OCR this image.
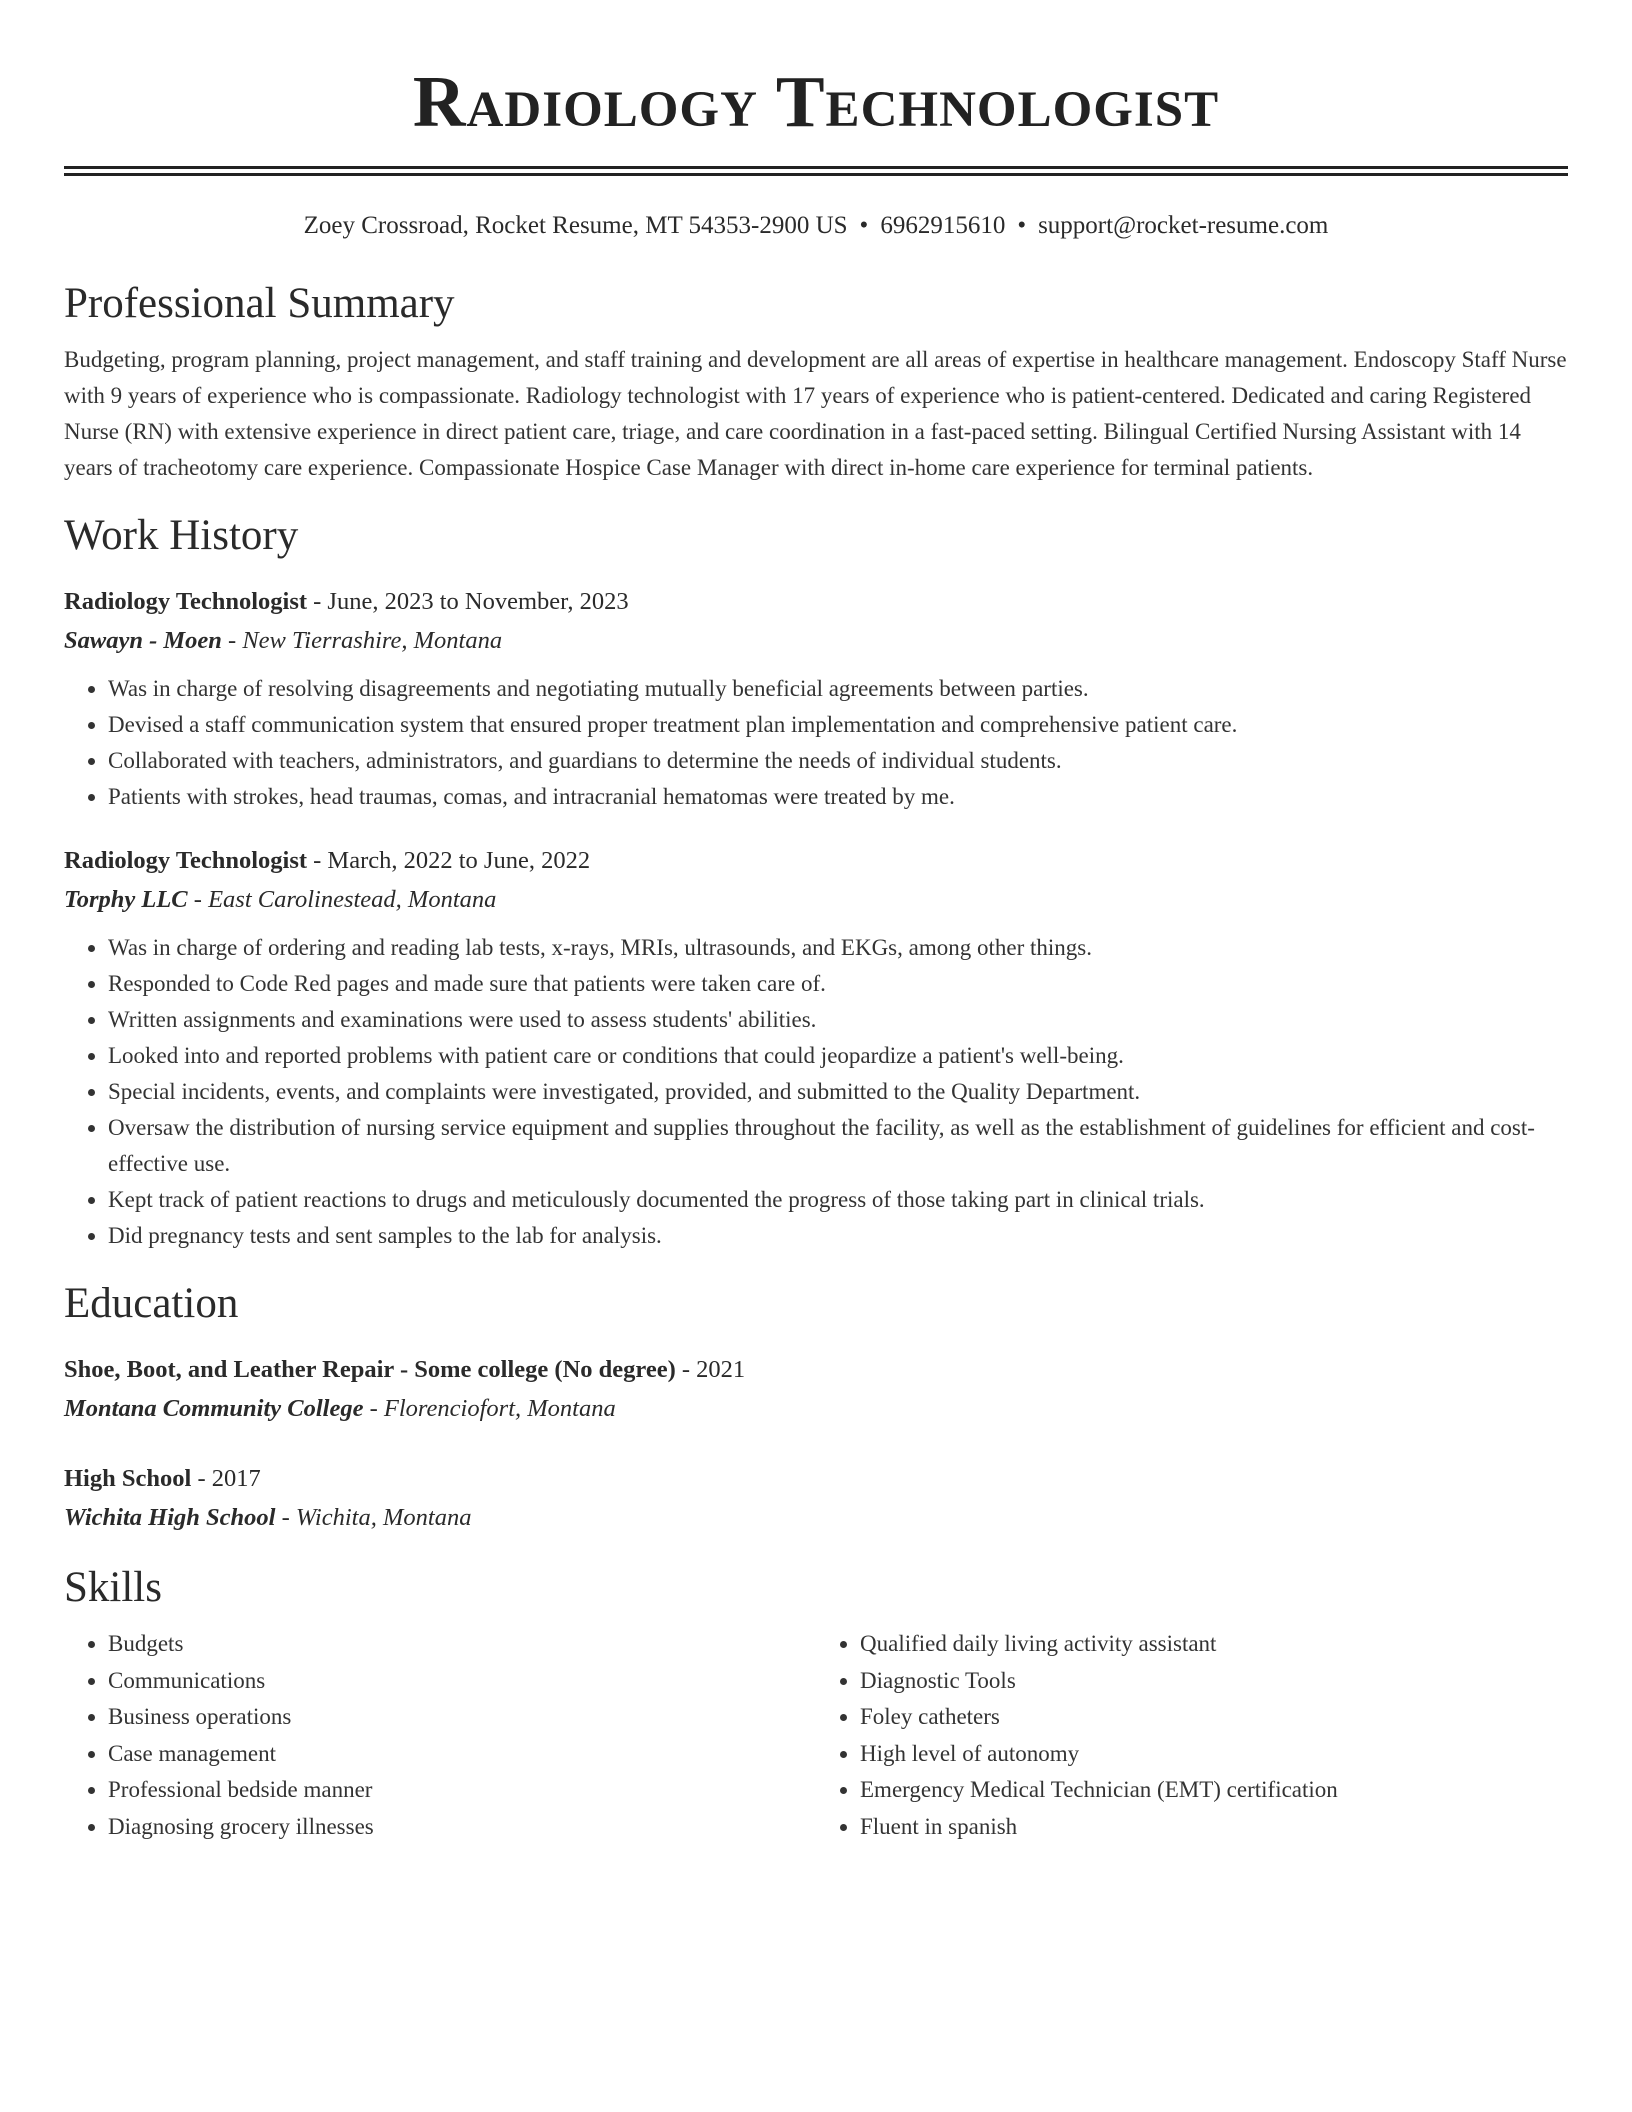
Radiology Technologist
Zoey Crossroad, Rocket Resume, MT 54353-2900 US • 6962915610 • support@rocket-resume.com
Professional Summary
Budgeting, program planning, project management, and staff training and development are all areas of expertise in healthcare management. Endoscopy Staff Nurse with 9 years of experience who is compassionate. Radiology technologist with 17 years of experience who is patient-centered. Dedicated and caring Registered Nurse (RN) with extensive experience in direct patient care, triage, and care coordination in a fast-paced setting. Bilingual Certified Nursing Assistant with 14 years of tracheotomy care experience. Compassionate Hospice Case Manager with direct in-home care experience for terminal patients.
Work History
Radiology Technologist - June, 2023 to November, 2023
Sawayn - Moen - New Tierrashire, Montana
• Was in charge of resolving disagreements and negotiating mutually beneficial agreements between parties.
• Devised a staff communication system that ensured proper treatment plan implementation and comprehensive patient care.
• Collaborated with teachers, administrators, and guardians to determine the needs of individual students.
• Patients with strokes, head traumas, comas, and intracranial hematomas were treated by me.
Radiology Technologist - March, 2022 to June, 2022
Torphy LLC - East Carolinestead, Montana
• Was in charge of ordering and reading lab tests, x-rays, MRIs, ultrasounds, and EKGs, among other things.
• Responded to Code Red pages and made sure that patients were taken care of.
• Written assignments and examinations were used to assess students' abilities.
• Looked into and reported problems with patient care or conditions that could jeopardize a patient's well-being.
• Special incidents, events, and complaints were investigated, provided, and submitted to the Quality Department.
• Oversaw the distribution of nursing service equipment and supplies throughout the facility, as well as the establishment of guidelines for efficient and cost-effective use.
• Kept track of patient reactions to drugs and meticulously documented the progress of those taking part in clinical trials.
• Did pregnancy tests and sent samples to the lab for analysis.
Education
Shoe, Boot, and Leather Repair - Some college (No degree) - 2021
Montana Community College - Florenciofort, Montana
High School - 2017
Wichita High School - Wichita, Montana
Skills
• Budgets
• Communications
• Business operations
• Case management
• Professional bedside manner
• Diagnosing grocery illnesses
• Qualified daily living activity assistant
• Diagnostic Tools
• Foley catheters
• High level of autonomy
• Emergency Medical Technician (EMT) certification
• Fluent in spanish
